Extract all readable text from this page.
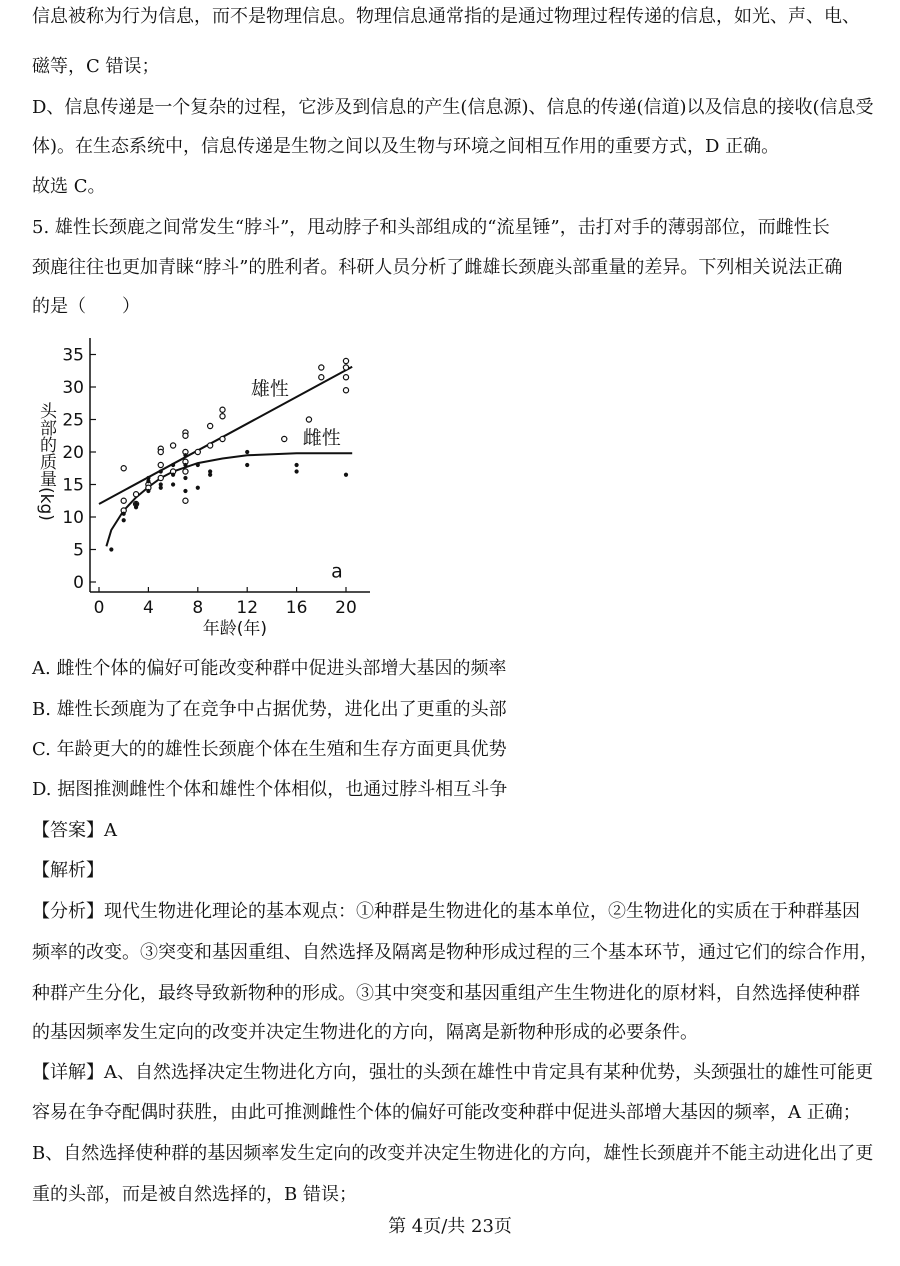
信息被称为行为信息，而不是物理信息。物理信息通常指的是通过物理过程传递的信息，如光、声、电、
磁等，C 错误；
D、信息传递是一个复杂的过程，它涉及到信息的产生(信息源)、信息的传递(信道)以及信息的接收(信息受
体)。在生态系统中，信息传递是生物之间以及生物与环境之间相互作用的重要方式，D 正确。
故选 C。
5. 雄性长颈鹿之间常发生“脖斗”，甩动脖子和头部组成的“流星锤”，击打对手的薄弱部位，而雌性长
颈鹿往往也更加青睐“脖斗”的胜利者。科研人员分析了雌雄长颈鹿头部重量的差异。下列相关说法正确
的是（　　）
0
5
10
15
20
25
30
35
0 4 8 12 16 20
雄性
雌性
头部的质量(kg)
年龄(年)
a
A. 雌性个体的偏好可能改变种群中促进头部增大基因的频率
B. 雄性长颈鹿为了在竞争中占据优势，进化出了更重的头部
C. 年龄更大的的雄性长颈鹿个体在生殖和生存方面更具优势
D. 据图推测雌性个体和雄性个体相似，也通过脖斗相互斗争
【答案】A
【解析】
【分析】现代生物进化理论的基本观点：①种群是生物进化的基本单位，②生物进化的实质在于种群基因
频率的改变。③突变和基因重组、自然选择及隔离是物种形成过程的三个基本环节，通过它们的综合作用，
种群产生分化，最终导致新物种的形成。③其中突变和基因重组产生生物进化的原材料，自然选择使种群
的基因频率发生定向的改变并决定生物进化的方向，隔离是新物种形成的必要条件。
【详解】A、自然选择决定生物进化方向，强壮的头颈在雄性中肯定具有某种优势，头颈强壮的雄性可能更
容易在争夺配偶时获胜，由此可推测雌性个体的偏好可能改变种群中促进头部增大基因的频率，A 正确；
B、自然选择使种群的基因频率发生定向的改变并决定生物进化的方向，雄性长颈鹿并不能主动进化出了更
重的头部，而是被自然选择的，B 错误；
第 4页/共 23页
